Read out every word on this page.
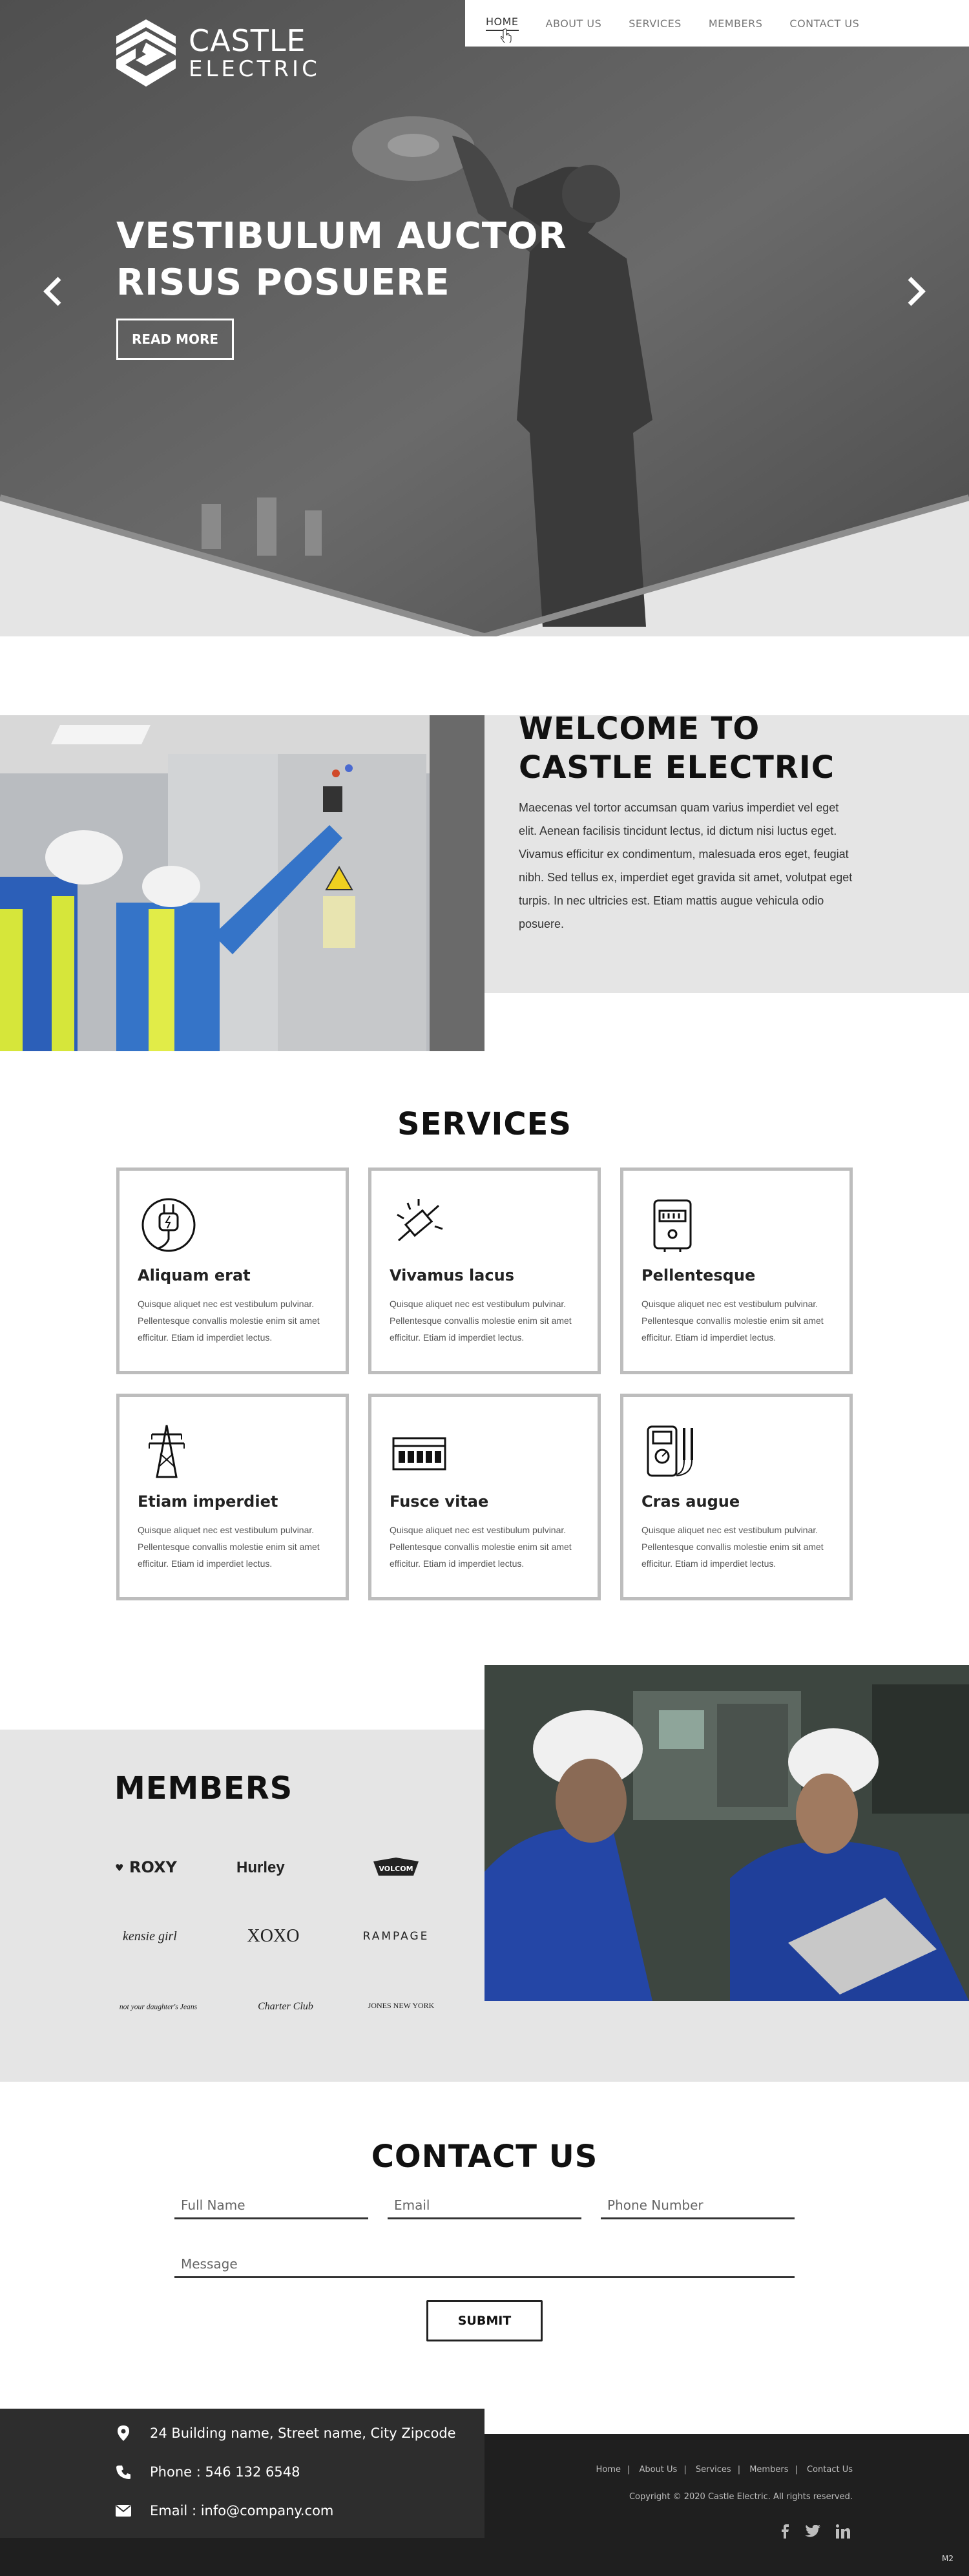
CASTLE
ELECTRIC
HOME	ABOUT US	SERVICES	MEMBERS	CONTACT US
VESTIBULUM AUCTOR
RISUS POSUERE
READ MORE
WELCOME TO
CASTLE ELECTRIC

Maecenas vel tortor accumsan quam varius imperdiet vel eget elit. Aenean facilisis tincidunt lectus, id dictum nisi luctus eget. Vivamus efficitur ex condimentum, malesuada eros eget, feugiat nibh. Sed tellus ex, imperdiet eget gravida sit amet, volutpat eget turpis. In nec ultricies est. Etiam mattis augue vehicula odio posuere.

SERVICES
Aliquam erat
Quisque aliquet nec est vestibulum pulvinar. Pellentesque convallis molestie enim sit amet efficitur. Etiam id imperdiet lectus.
Vivamus lacus
Quisque aliquet nec est vestibulum pulvinar. Pellentesque convallis molestie enim sit amet efficitur. Etiam id imperdiet lectus.
Pellentesque
Quisque aliquet nec est vestibulum pulvinar. Pellentesque convallis molestie enim sit amet efficitur. Etiam id imperdiet lectus.
Etiam imperdiet
Quisque aliquet nec est vestibulum pulvinar. Pellentesque convallis molestie enim sit amet efficitur. Etiam id imperdiet lectus.
Fusce vitae
Quisque aliquet nec est vestibulum pulvinar. Pellentesque convallis molestie enim sit amet efficitur. Etiam id imperdiet lectus.
Cras augue
Quisque aliquet nec est vestibulum pulvinar. Pellentesque convallis molestie enim sit amet efficitur. Etiam id imperdiet lectus.
MEMBERS
♥ ROXY	Hurley	VOLCOM
kensie girl	XOXO	RAMPAGE
not your daughter's Jeans	Charter Club	JONES NEW YORK
CONTACT US
Full Name
Email
Phone Number
Message
SUBMIT
24 Building name, Street name, City Zipcode
Phone : 546 132 6548
Email : info@company.com
Home | About Us | Services | Members | Contact Us
Copyright © 2020 Castle Electric. All rights reserved.
M2
